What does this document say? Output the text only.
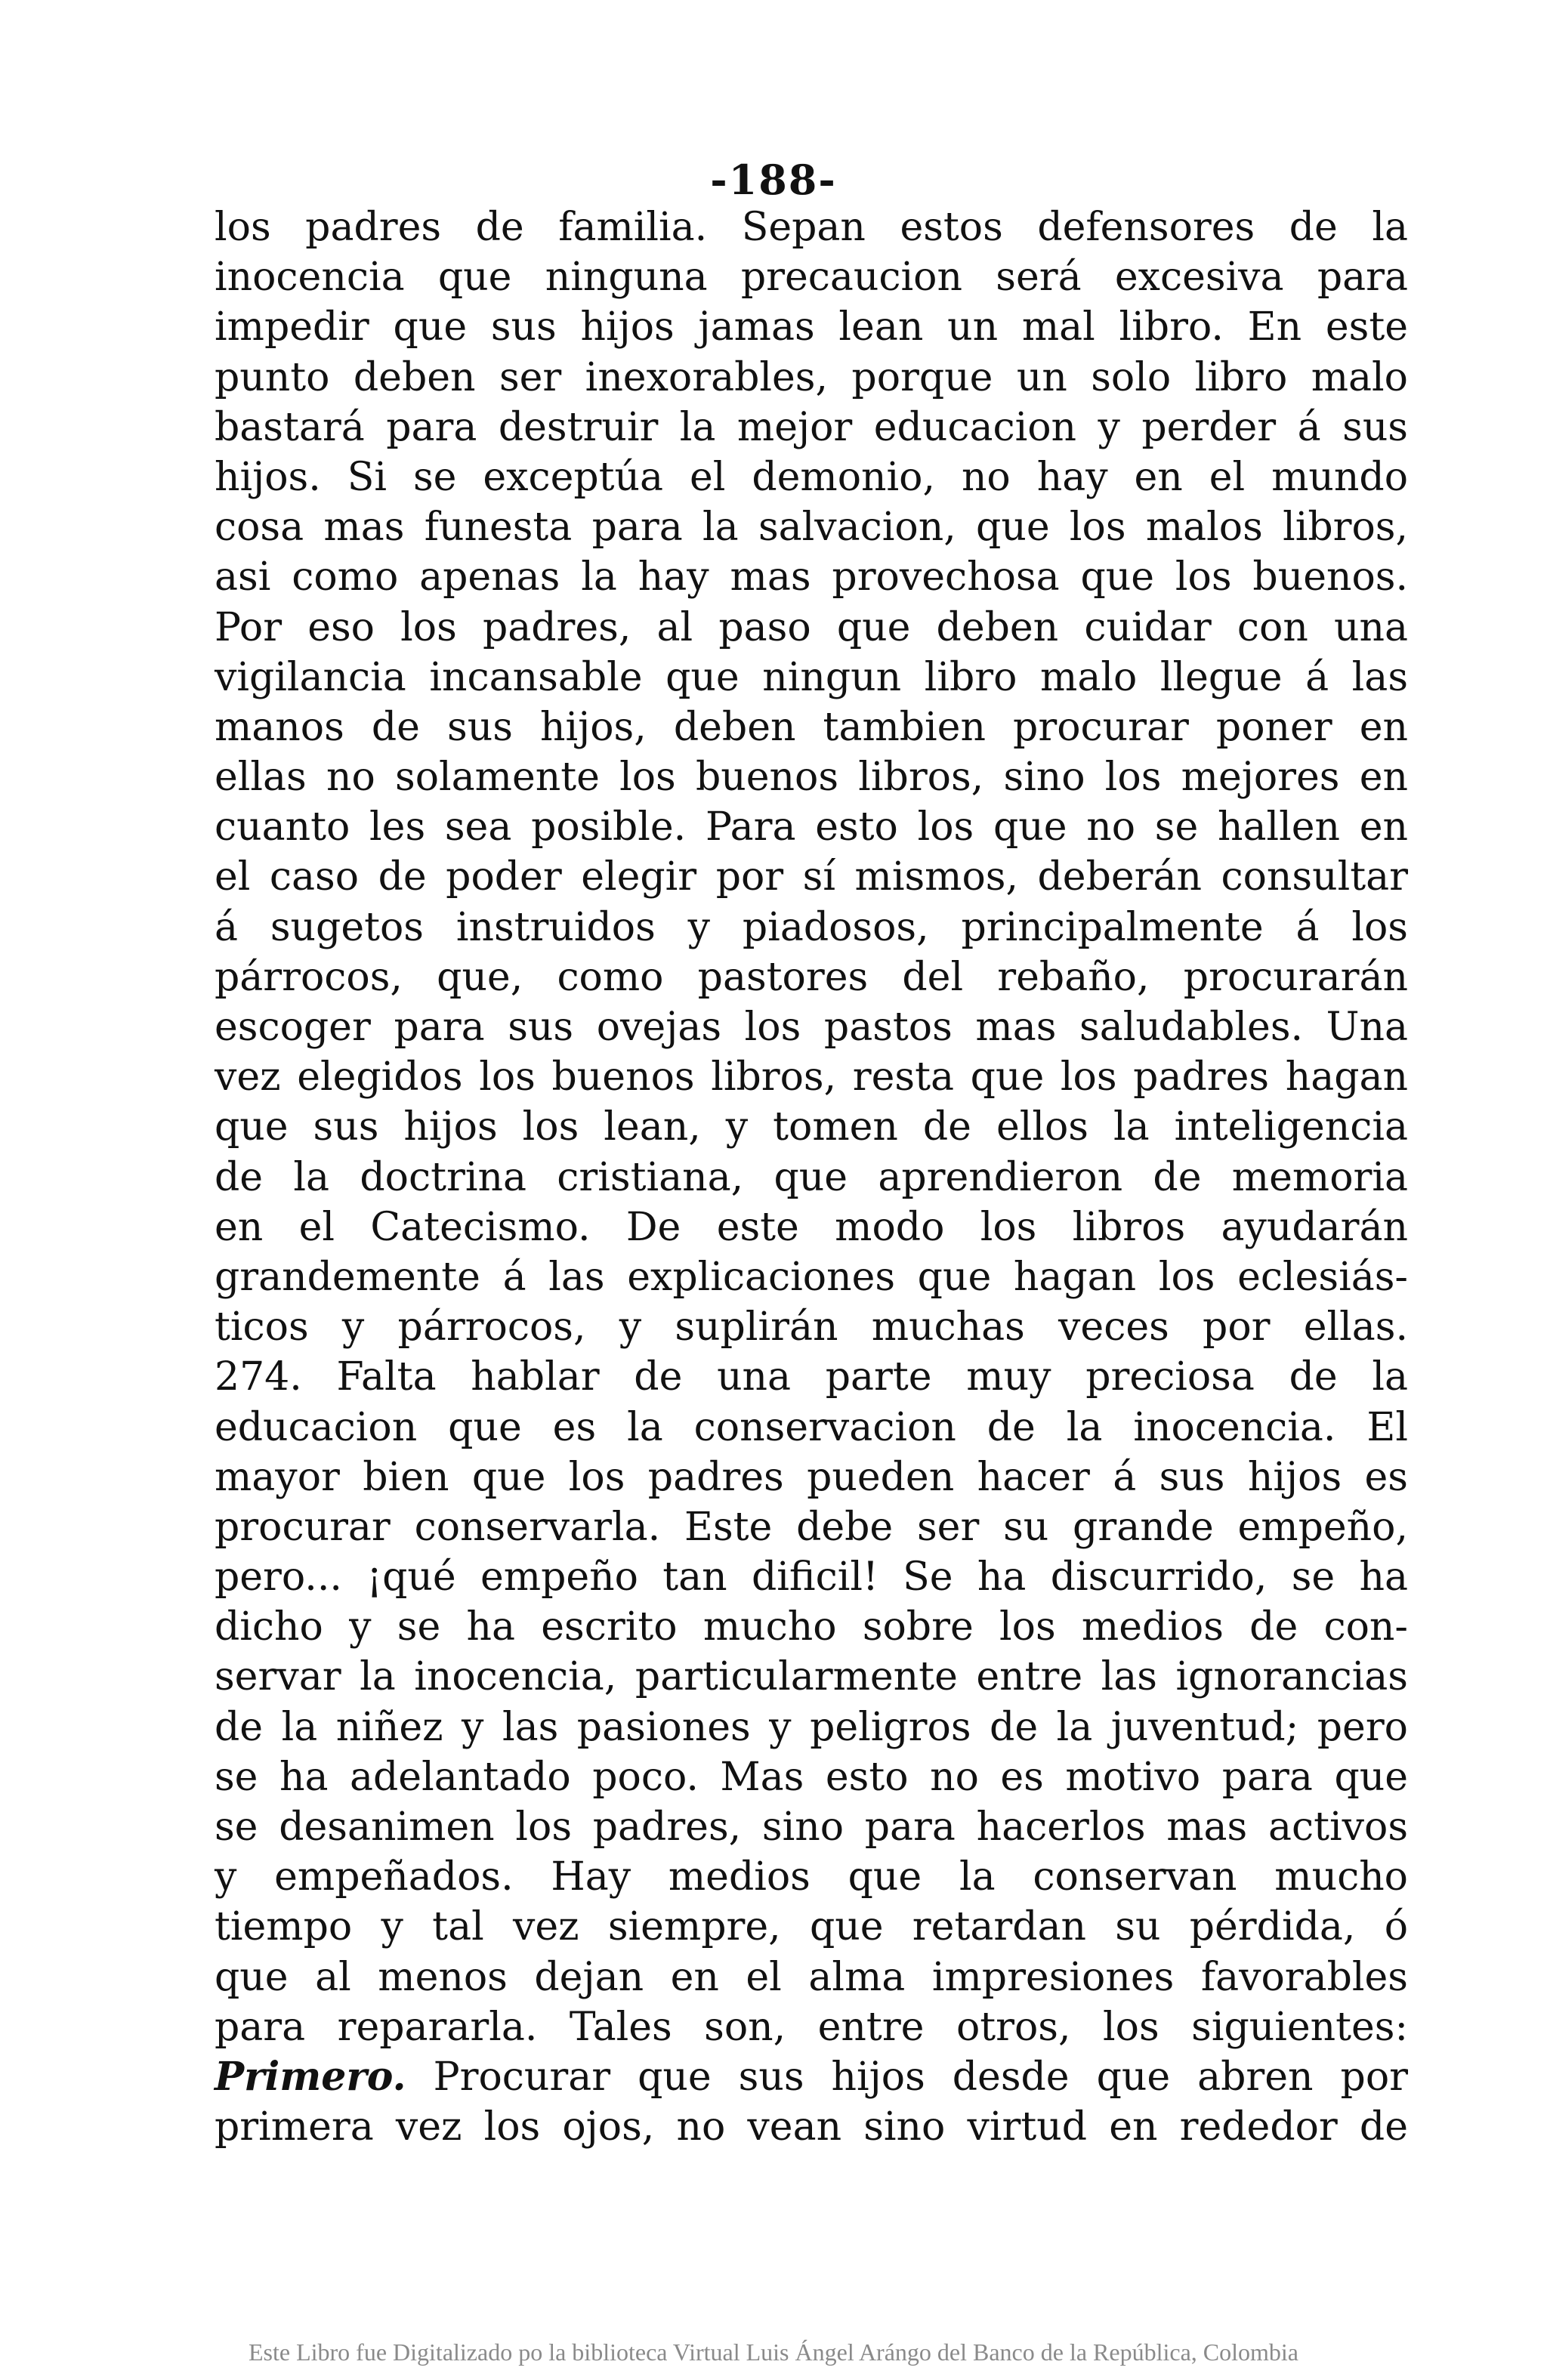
-188-
los padres de familia. Sepan estos defensores de la
inocencia que ninguna precaucion será excesiva para
impedir que sus hijos jamas lean un mal libro. En este
punto deben ser inexorables, porque un solo libro malo
bastará para destruir la mejor educacion y perder á sus
hijos. Si se exceptúa el demonio, no hay en el mundo
cosa mas funesta para la salvacion, que los malos libros,
asi como apenas la hay mas provechosa que los buenos.
Por eso los padres, al paso que deben cuidar con una
vigilancia incansable que ningun libro malo llegue á las
manos de sus hijos, deben tambien procurar poner en
ellas no solamente los buenos libros, sino los mejores en
cuanto les sea posible. Para esto los que no se hallen en
el caso de poder elegir por sí mismos, deberán consultar
á sugetos instruidos y piadosos, principalmente á los
párrocos, que, como pastores del rebaño, procurarán
escoger para sus ovejas los pastos mas saludables. Una
vez elegidos los buenos libros, resta que los padres hagan
que sus hijos los lean, y tomen de ellos la inteligencia
de la doctrina cristiana, que aprendieron de memoria
en el Catecismo. De este modo los libros ayudarán
grandemente á las explicaciones que hagan los eclesiás-
ticos y párrocos, y suplirán muchas veces por ellas.
274. Falta hablar de una parte muy preciosa de la
educacion que es la conservacion de la inocencia. El
mayor bien que los padres pueden hacer á sus hijos es
procurar conservarla. Este debe ser su grande empeño,
pero... ¡qué empeño tan dificil! Se ha discurrido, se ha
dicho y se ha escrito mucho sobre los medios de con-
servar la inocencia, particularmente entre las ignorancias
de la niñez y las pasiones y peligros de la juventud; pero
se ha adelantado poco. Mas esto no es motivo para que
se desanimen los padres, sino para hacerlos mas activos
y empeñados. Hay medios que la conservan mucho
tiempo y tal vez siempre, que retardan su pérdida, ó
que al menos dejan en el alma impresiones favorables
para repararla. Tales son, entre otros, los siguientes:
Primero. Procurar que sus hijos desde que abren por
primera vez los ojos, no vean sino virtud en rededor de
Este Libro fue Digitalizado po la biblioteca Virtual Luis Ángel Arángo del Banco de la República, Colombia
